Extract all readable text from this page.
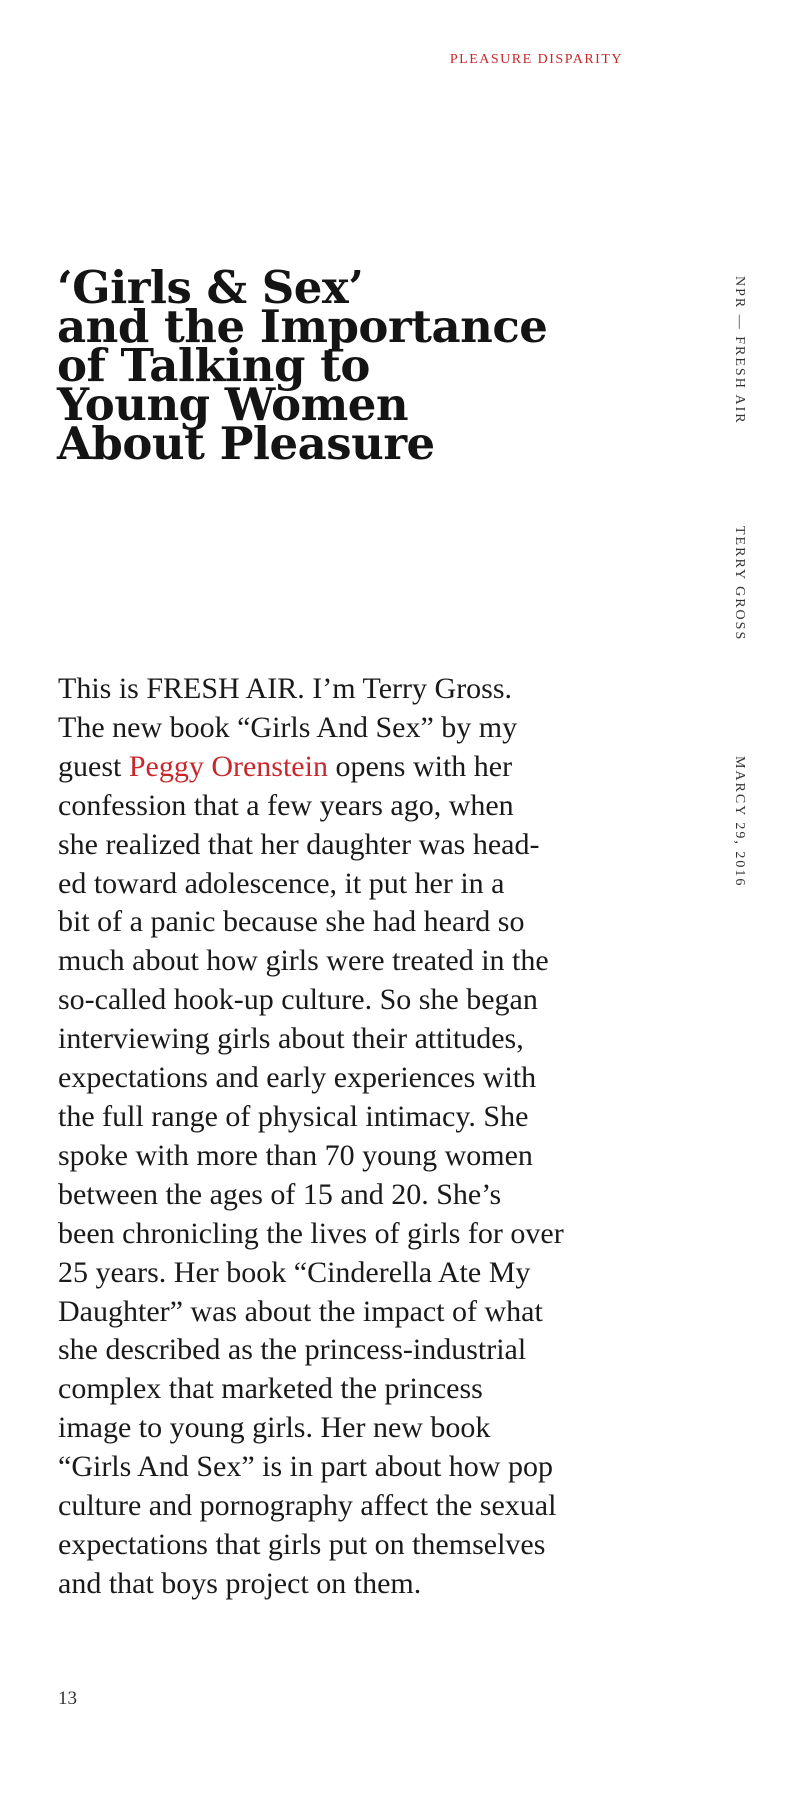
PLEASURE DISPARITY
‘Girls & Sex’
and the Importance
of Talking to
Young Women
About Pleasure
NPR — FRESH AIR
TERRY GROSS
MARCY 29, 2016
This is FRESH AIR. I’m Terry Gross.
The new book “Girls And Sex” by my
guest Peggy Orenstein opens with her
confession that a few years ago, when
she realized that her daughter was head-
ed toward adolescence, it put her in a
bit of a panic because she had heard so
much about how girls were treated in the
so-called hook-up culture. So she began
interviewing girls about their attitudes,
expectations and early experiences with
the full range of physical intimacy. She
spoke with more than 70 young women
between the ages of 15 and 20. She’s
been chronicling the lives of girls for over
25 years. Her book “Cinderella Ate My
Daughter” was about the impact of what
she described as the princess-industrial
complex that marketed the princess
image to young girls. Her new book
“Girls And Sex” is in part about how pop
culture and pornography affect the sexual
expectations that girls put on themselves
and that boys project on them.
13
